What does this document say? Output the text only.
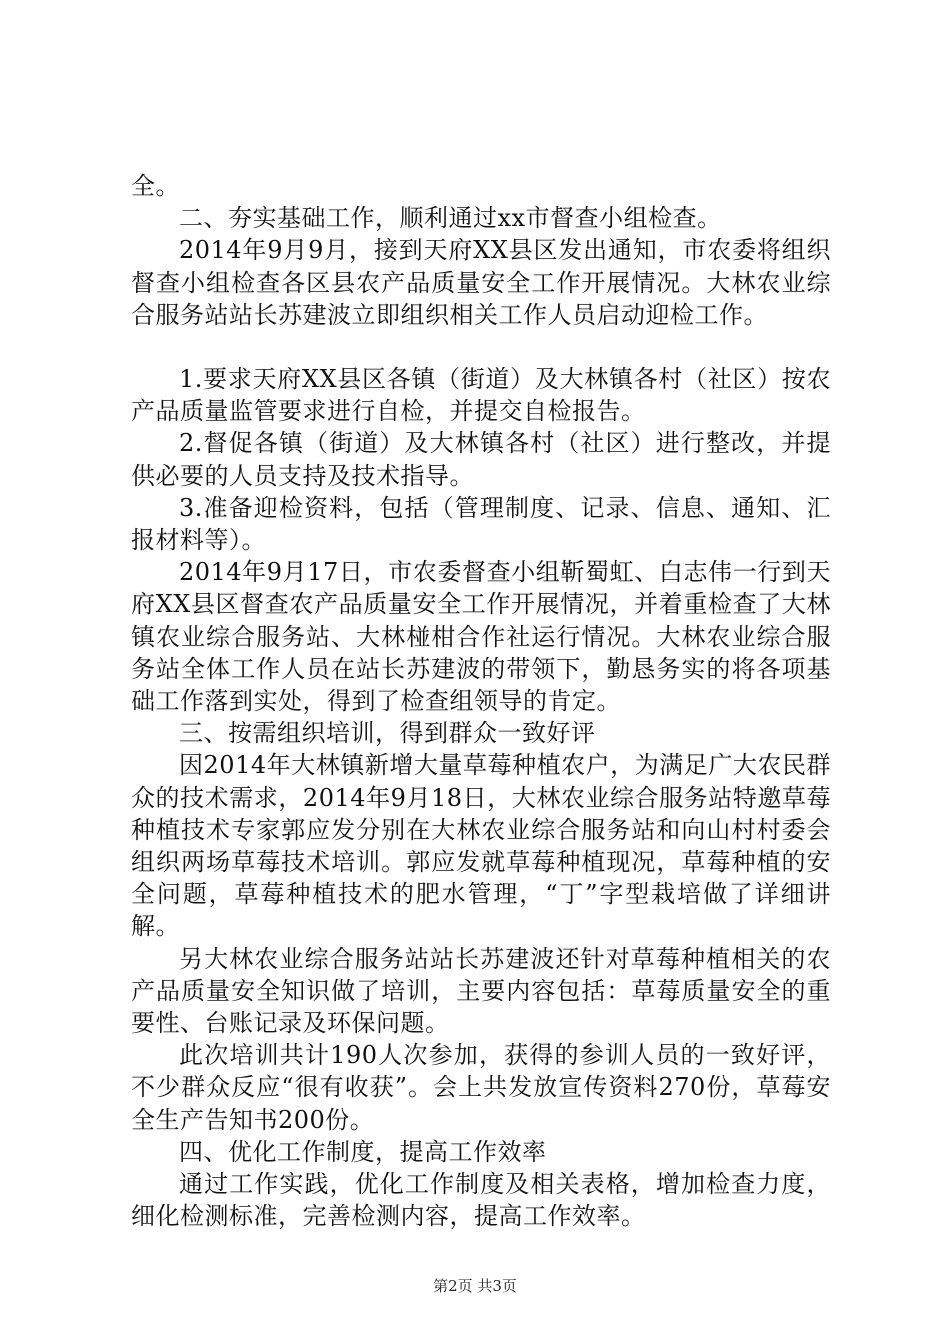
全。

二、夯实基础工作，顺利通过xx市督查小组检查。

2014年9月9月，接到天府XX县区发出通知，市农委将组织督查小组检查各区县农产品质量安全工作开展情况。大林农业综合服务站站长苏建波立即组织相关工作人员启动迎检工作。

1.要求天府XX县区各镇（街道）及大林镇各村（社区）按农产品质量监管要求进行自检，并提交自检报告。

2.督促各镇（街道）及大林镇各村（社区）进行整改，并提供必要的人员支持及技术指导。

3.准备迎检资料，包括（管理制度、记录、信息、通知、汇报材料等）。

2014年9月17日，市农委督查小组靳蜀虹、白志伟一行到天府XX县区督查农产品质量安全工作开展情况，并着重检查了大林镇农业综合服务站、大林椪柑合作社运行情况。大林农业综合服务站全体工作人员在站长苏建波的带领下，勤恳务实的将各项基础工作落到实处，得到了检查组领导的肯定。

三、按需组织培训，得到群众一致好评

因2014年大林镇新增大量草莓种植农户，为满足广大农民群众的技术需求，2014年9月18日，大林农业综合服务站特邀草莓种植技术专家郭应发分别在大林农业综合服务站和向山村村委会组织两场草莓技术培训。郭应发就草莓种植现况，草莓种植的安全问题，草莓种植技术的肥水管理，“丁”字型栽培做了详细讲解。

另大林农业综合服务站站长苏建波还针对草莓种植相关的农产品质量安全知识做了培训，主要内容包括：草莓质量安全的重要性、台账记录及环保问题。

此次培训共计190人次参加，获得的参训人员的一致好评，不少群众反应“很有收获”。会上共发放宣传资料270份，草莓安全生产告知书200份。

四、优化工作制度，提高工作效率

通过工作实践，优化工作制度及相关表格，增加检查力度，细化检测标准，完善检测内容，提高工作效率。

第2页 共3页
